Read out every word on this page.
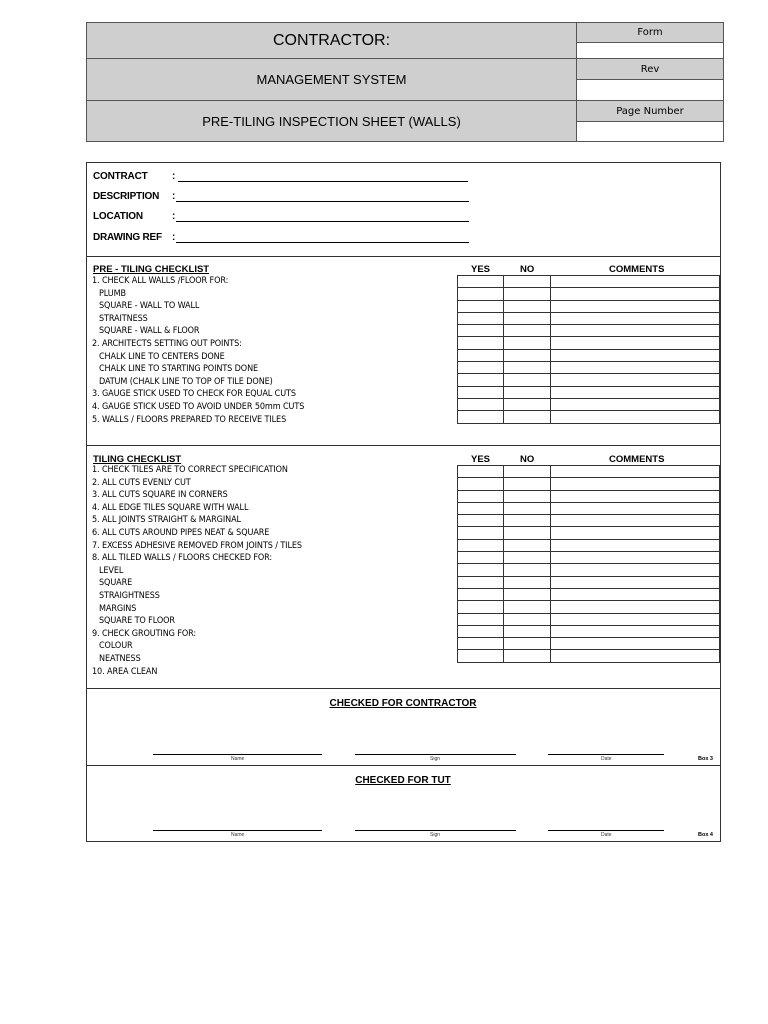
CONTRACTOR:
MANAGEMENT SYSTEM
PRE-TILING INSPECTION SHEET (WALLS)
Form
Rev
Page Number
CONTRACT :
DESCRIPTION :
LOCATION	:
DRAWING REF :
PRE - TILING CHECKLIST	YES	NO	COMMENTS
1. CHECK ALL WALLS /FLOOR FOR:
PLUMB
SQUARE - WALL TO WALL
STRAITNESS
SQUARE - WALL & FLOOR
2. ARCHITECTS SETTING OUT POINTS:
CHALK LINE TO CENTERS DONE
CHALK LINE TO STARTING POINTS DONE
DATUM (CHALK LINE TO TOP OF TILE DONE)
3. GAUGE STICK USED TO CHECK FOR EQUAL CUTS
4. GAUGE STICK USED TO AVOID UNDER 50mm CUTS
5. WALLS / FLOORS PREPARED TO RECEIVE TILES

TILING CHECKLIST	YES	NO	COMMENTS
1. CHECK TILES ARE TO CORRECT SPECIFICATION
2. ALL CUTS EVENLY CUT
3. ALL CUTS SQUARE IN CORNERS
4. ALL EDGE TILES SQUARE WITH WALL
5. ALL JOINTS STRAIGHT & MARGINAL
6. ALL CUTS AROUND PIPES NEAT & SQUARE
7. EXCESS ADHESIVE REMOVED FROM JOINTS / TILES
8. ALL TILED WALLS / FLOORS CHECKED FOR:
LEVEL
SQUARE
STRAIGHTNESS
MARGINS
SQUARE TO FLOOR
9. CHECK GROUTING FOR:
COLOUR
NEATNESS
10. AREA CLEAN

CHECKED FOR CONTRACTOR
Name	Sign	Date	Box 3
CHECKED FOR TUT
Name	Sign	Date	Box 4
